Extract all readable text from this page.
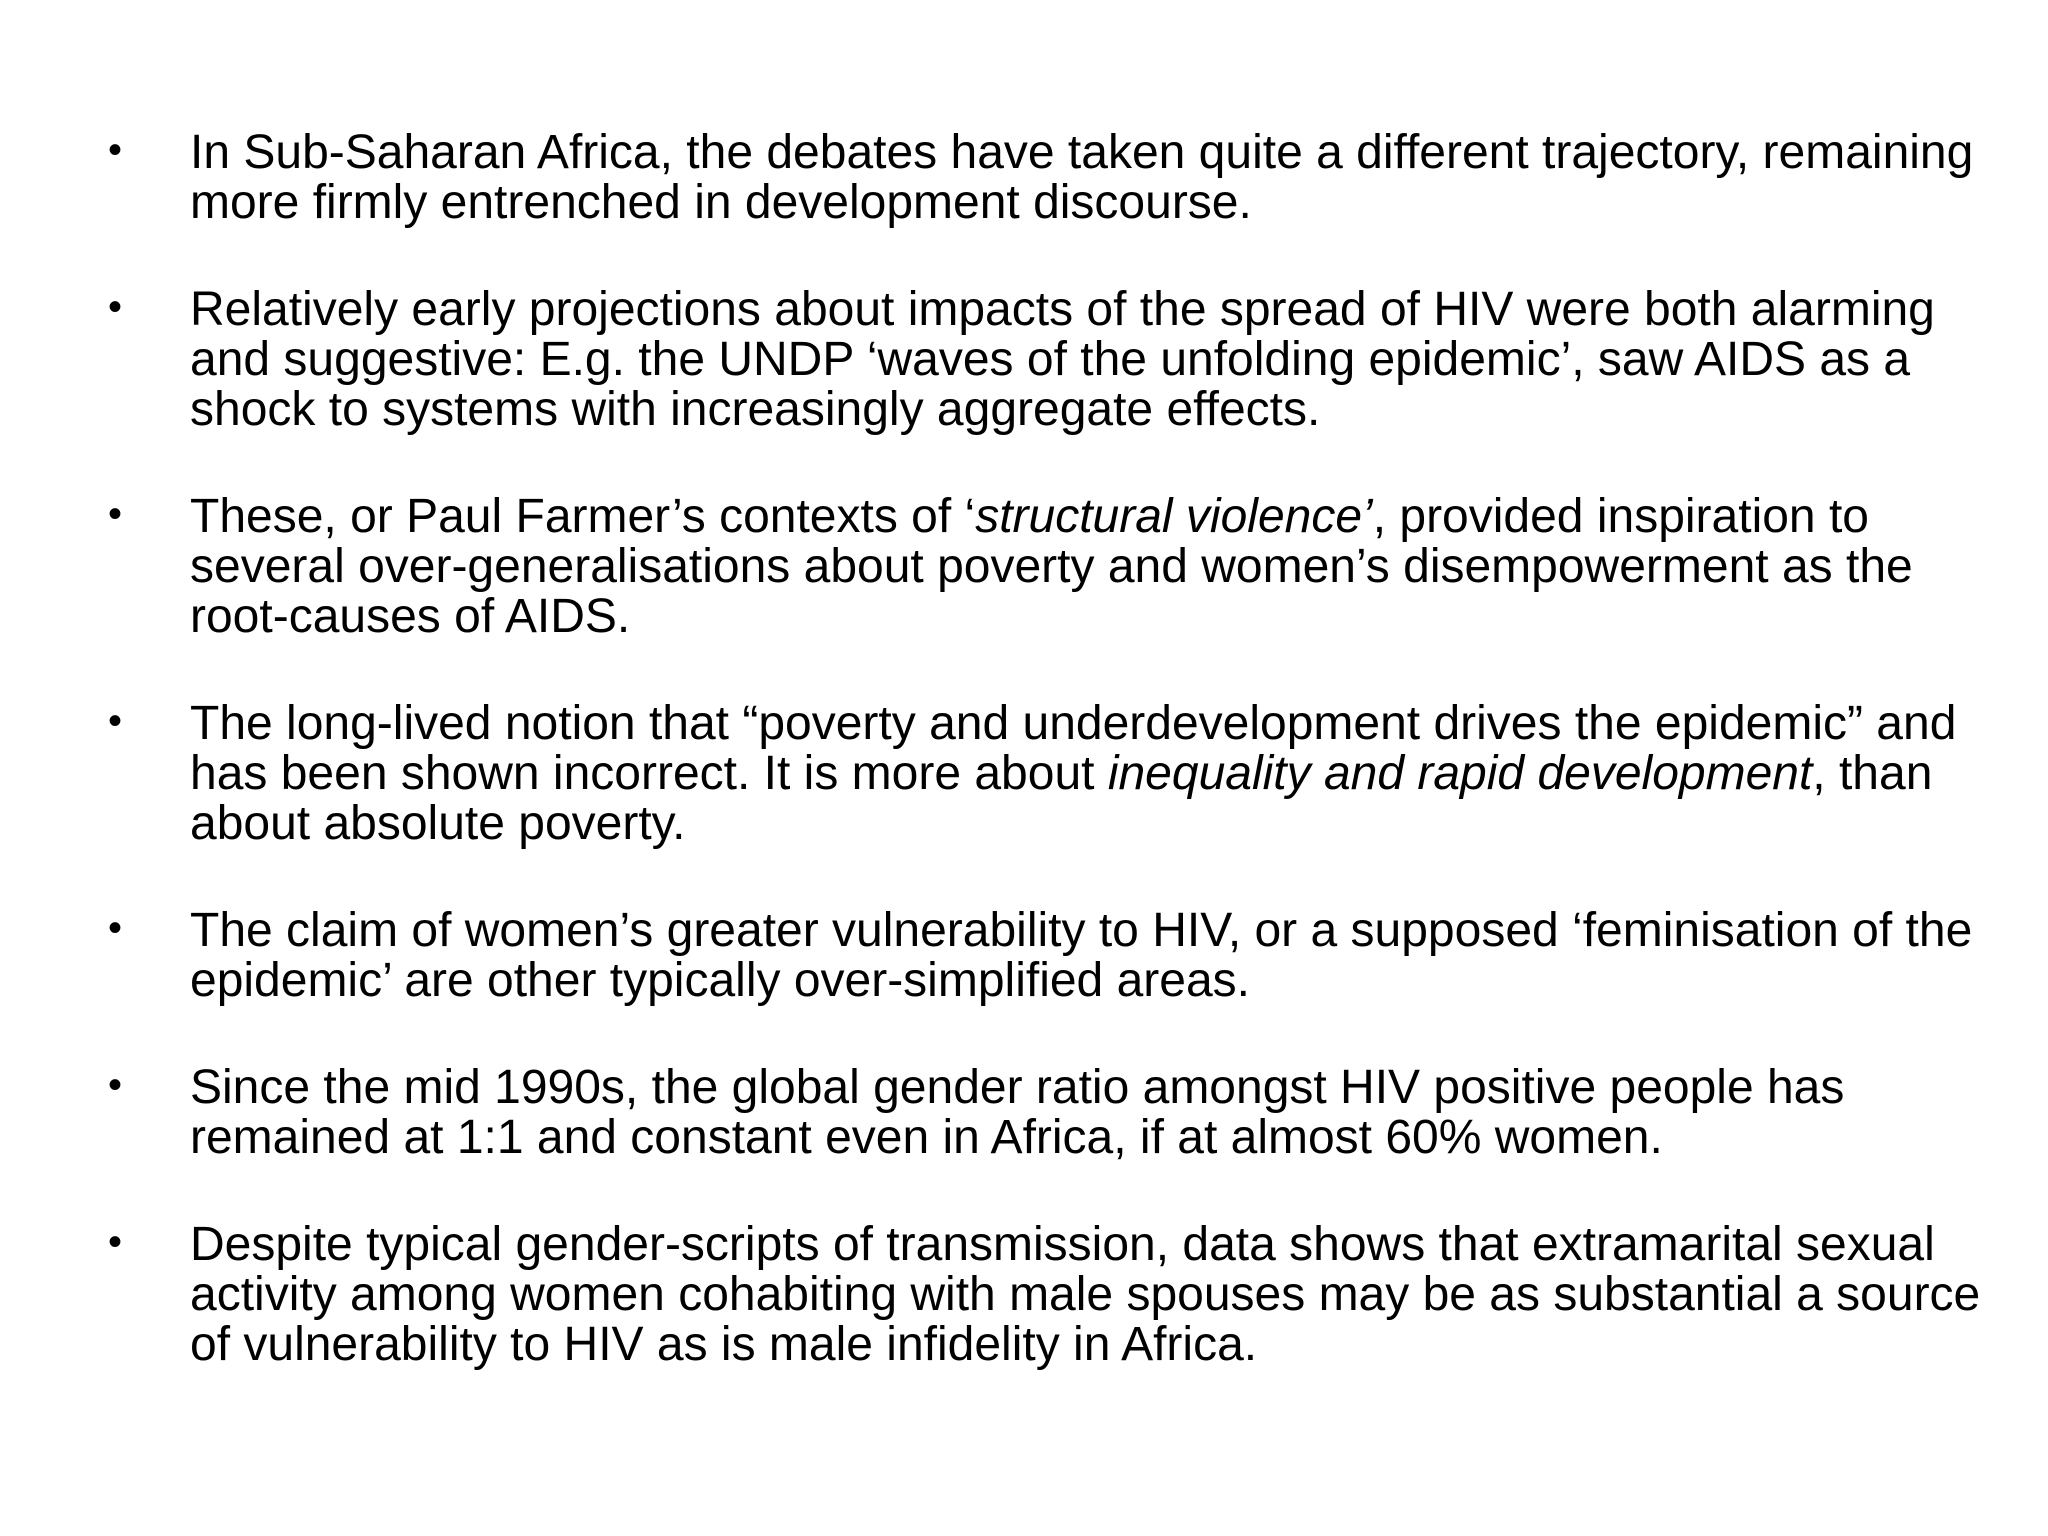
•	In Sub-Saharan Africa, the debates have taken quite a different trajectory, remaining more firmly entrenched in development discourse.
•	Relatively early projections about impacts of the spread of HIV were both alarming and suggestive: E.g. the UNDP ‘waves of the unfolding epidemic’, saw AIDS as a shock to systems with increasingly aggregate effects.
•	These, or Paul Farmer’s contexts of ‘structural violence’, provided inspiration to several over-generalisations about poverty and women’s disempowerment as the root-causes of AIDS.
•	The long-lived notion that “poverty and underdevelopment drives the epidemic” and has been shown incorrect. It is more about inequality and rapid development, than about absolute poverty.
•	The claim of women’s greater vulnerability to HIV, or a supposed ‘feminisation of the epidemic’ are other typically over-simplified areas.
•	Since the mid 1990s, the global gender ratio amongst HIV positive people has remained at 1:1 and constant even in Africa, if at almost 60% women.
•	Despite typical gender-scripts of transmission, data shows that extramarital sexual activity among women cohabiting with male spouses may be as substantial a source of vulnerability to HIV as is male infidelity in Africa.
